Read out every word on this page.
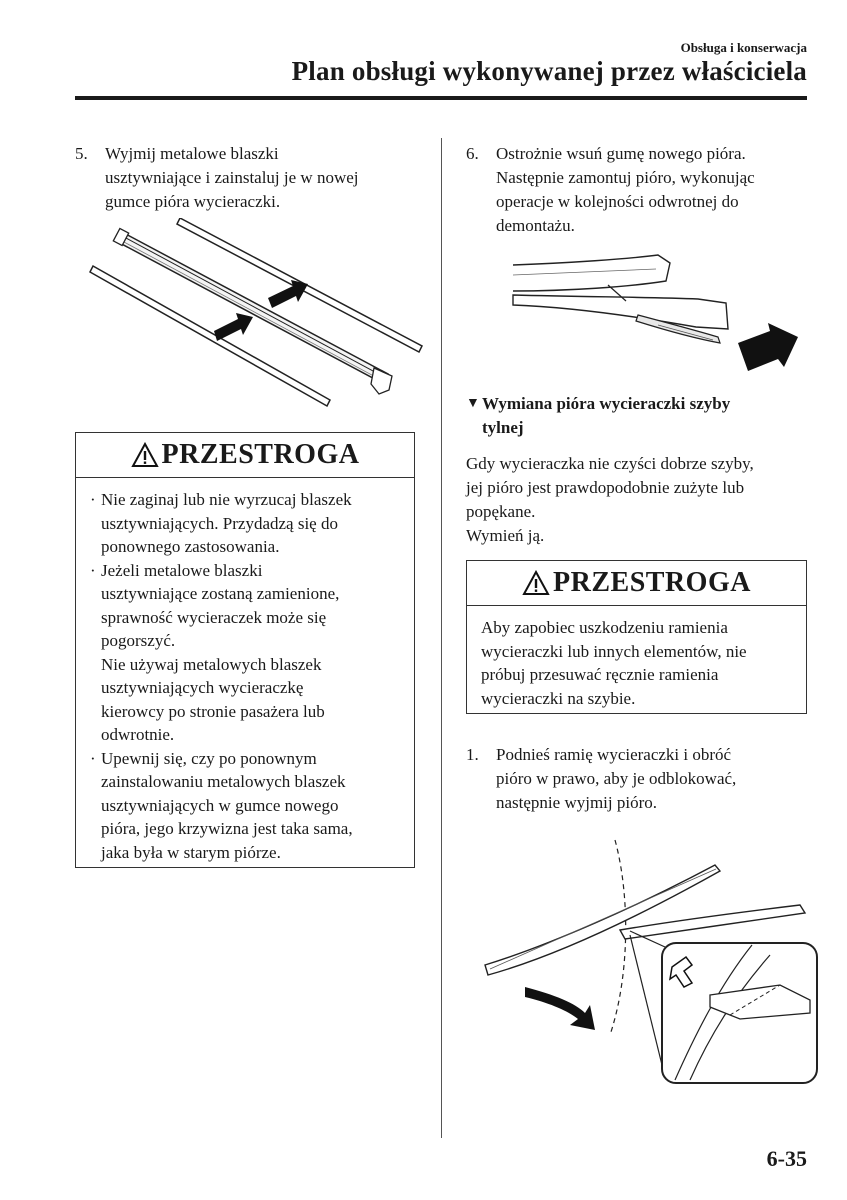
Obsługa i konserwacja
Plan obsługi wykonywanej przez właściciela
5.	Wyjmij metalowe blaszki
usztywniające i zainstaluj je w nowej
gumce pióra wycieraczki.
PRZESTROGA
· Nie zaginaj lub nie wyrzucaj blaszek
usztywniających. Przydadzą się do
ponownego zastosowania.
· Jeżeli metalowe blaszki
usztywniające zostaną zamienione,
sprawność wycieraczek może się
pogorszyć.
Nie używaj metalowych blaszek
usztywniających wycieraczkę
kierowcy po stronie pasażera lub
odwrotnie.
· Upewnij się, czy po ponownym
zainstalowaniu metalowych blaszek
usztywniających w gumce nowego
pióra, jego krzywizna jest taka sama,
jaka była w starym piórze.
6.	Ostrożnie wsuń gumę nowego pióra.
Następnie zamontuj pióro, wykonując
operacje w kolejności odwrotnej do
demontażu.
▼ Wymiana pióra wycieraczki szyby
tylnej
Gdy wycieraczka nie czyści dobrze szyby,
jej pióro jest prawdopodobnie zużyte lub
popękane.
Wymień ją.
PRZESTROGA
Aby zapobiec uszkodzeniu ramienia
wycieraczki lub innych elementów, nie
próbuj przesuwać ręcznie ramienia
wycieraczki na szybie.
1.	Podnieś ramię wycieraczki i obróć
pióro w prawo, aby je odblokować,
następnie wyjmij pióro.
6-35
